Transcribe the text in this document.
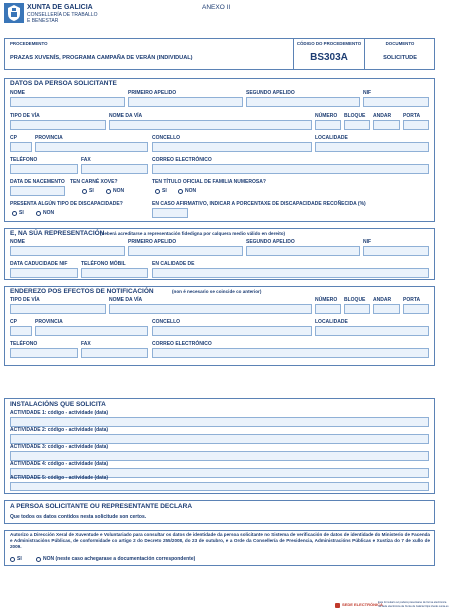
XUNTA DE GALICIA
CONSELLERÍA DE TRABALLO
E BENESTAR
ANEXO II
PROCEDEMENTO
PRAZAS XUVENÍS, PROGRAMA CAMPAÑA DE VERÁN (INDIVIDUAL)
CÓDIGO DO PROCEDEMENTO
BS303A
DOCUMENTO
SOLICITUDE
DATOS DA PERSOA SOLICITANTE
NOME	PRIMEIRO APELIDO	SEGUNDO APELIDO	NIF
TIPO DE VÍA	NOME DA VÍA	NÚMERO BLOQUE ANDAR PORTA
CP	PROVINCIA	CONCELLO	LOCALIDADE
TELÉFONO	FAX	CORREO ELECTRÓNICO
DATA DE NACEMENTO TEN CARNÉ XOVE?
SI	NON
TEN TÍTULO OFICIAL DE FAMILIA NUMEROSA?
SI	NON
PRESENTA ALGÚN TIPO DE DISCAPACIDADE?
SI	NON
EN CASO AFIRMATIVO, INDICAR A PORCENTAXE DE DISCAPACIDADE RECOÑECIDA (%)
E, NA SÚA REPRESENTACIÓN
(deberá acreditarse a representación fidedigna por calquera medio válido en dereito)
NOME	PRIMEIRO APELIDO	SEGUNDO APELIDO	NIF
DATA CADUCIDADE NIF	TELÉFONO MÓBIL	EN CALIDADE DE
ENDEREZO POS EFECTOS DE NOTIFICACIÓN	(non é necesario se coincide co anterior)
TIPO DE VÍA	NOME DA VÍA	NÚMERO BLOQUE ANDAR PORTA
CP	PROVINCIA	CONCELLO	LOCALIDADE
TELÉFONO	FAX	CORREO ELECTRÓNICO
INSTALACIÓNS QUE SOLICITA
ACTIVIDADE 1: código - actividade (data)
ACTIVIDADE 2: código - actividade (data)
ACTIVIDADE 3: código - actividade (data)
ACTIVIDADE 4: código - actividade (data)
ACTIVIDADE 5: código - actividade (data)
A PERSOA SOLICITANTE OU REPRESENTANTE DECLARA
Que todos os datos contidos nesta solicitude son certos.
Autorizo a Dirección Xeral de Xuventude e Voluntariado para consultar os datos de identidade da persoa solicitante no Sistema de verificación de datos de identidade do Ministerio de Facenda e Administracións Públicas, de conformidade co artigo 2 do Decreto 255/2008, do 23 de outubro, e a Orde da Consellería de Presidencia, Administracións Públicas e Xustiza do 7 de xullo de 2009.
SI	NON (neste caso achegarase a documentación correspondente)
SEDE ELECTRÓNICA
Este formulario só poderá presentarse de forma electrónica
na sede electrónica da Xunta de Galicia https://sede.xunta.es
